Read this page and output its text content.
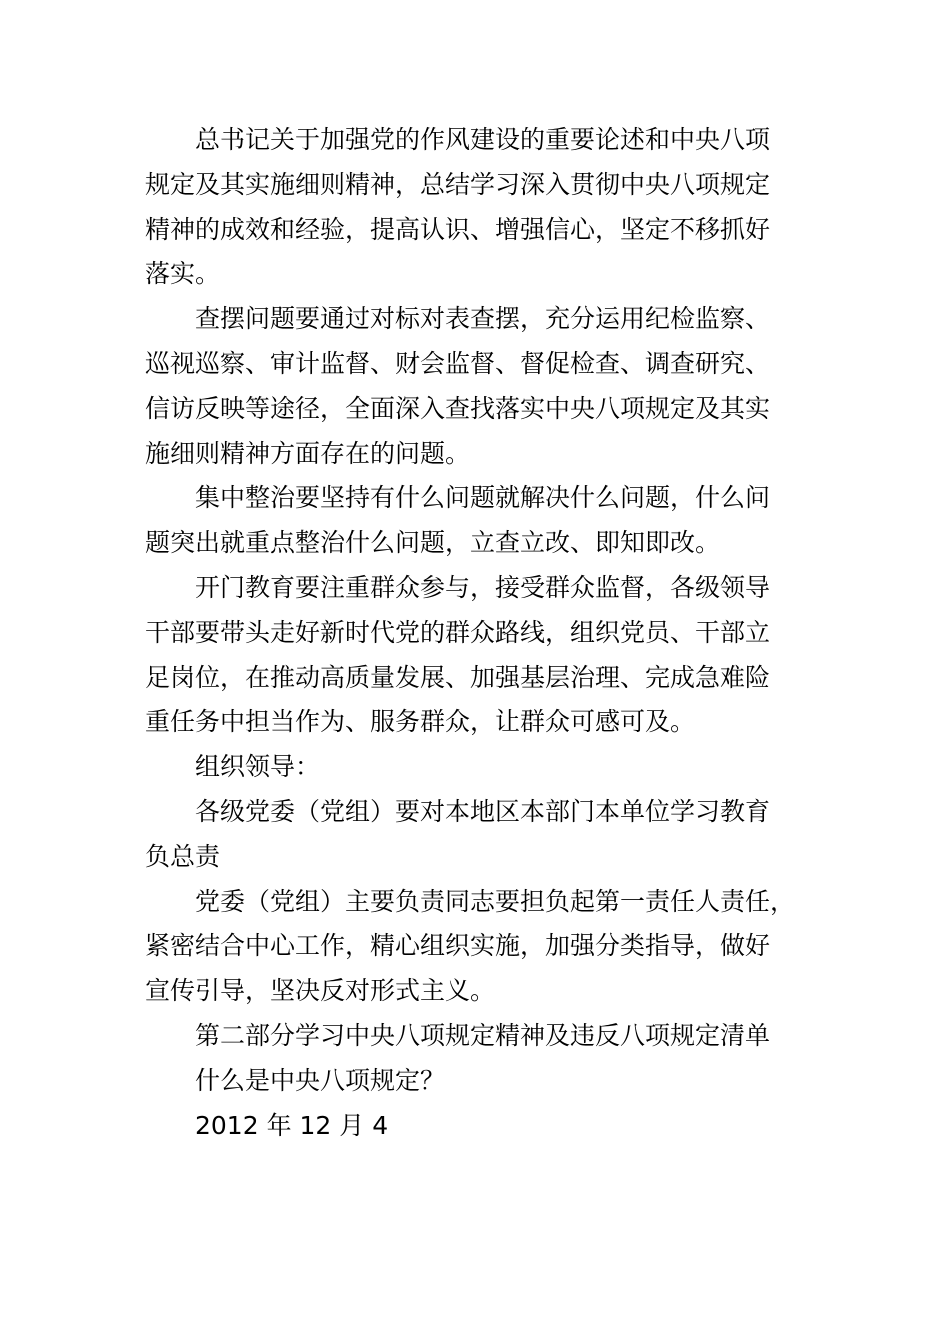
总书记关于加强党的作风建设的重要论述和中央八项
规定及其实施细则精神，总结学习深入贯彻中央八项规定
精神的成效和经验，提高认识、增强信心，坚定不移抓好
落实。
查摆问题要通过对标对表查摆，充分运用纪检监察、
巡视巡察、审计监督、财会监督、督促检查、调查研究、
信访反映等途径，全面深入查找落实中央八项规定及其实
施细则精神方面存在的问题。
集中整治要坚持有什么问题就解决什么问题，什么问
题突出就重点整治什么问题，立查立改、即知即改。
开门教育要注重群众参与，接受群众监督，各级领导
干部要带头走好新时代党的群众路线，组织党员、干部立
足岗位，在推动高质量发展、加强基层治理、完成急难险
重任务中担当作为、服务群众，让群众可感可及。
组织领导：
各级党委（党组）要对本地区本部门本单位学习教育
负总责
党委（党组）主要负责同志要担负起第一责任人责任，
紧密结合中心工作，精心组织实施，加强分类指导，做好
宣传引导，坚决反对形式主义。
第二部分学习中央八项规定精神及违反八项规定清单
什么是中央八项规定？
2012 年 12 月 4
